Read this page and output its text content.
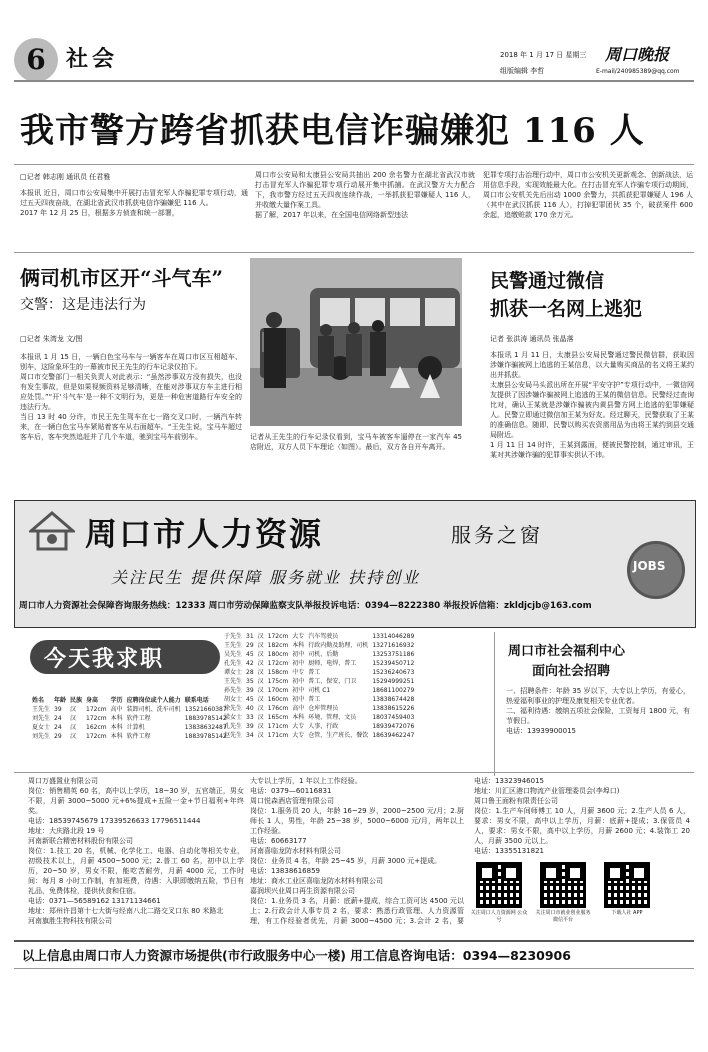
6 社会	2018 年 1 月 17 日 星期三 周口晚报
组版编辑 李哲	E-mail/240985389@qq.com
我市警方跨省抓获电信诈骗嫌犯 116 人
□记者 韩志刚 通讯员 任君雅
本报讯 近日，周口市公安局集中开展打击冒充军人诈骗犯罪专项行动，通过五天四夜奋战，在湖北省武汉市抓获电信诈骗嫌犯 116 人。
2017 年 12 月 25 日，根据多方侦查和统一部署，
周口市公安局和太康县公安局共抽出 200 余名警力在湖北省武汉市就打击冒充军人诈骗犯罪专项行动展开集中抓捕。在武汉警方大力配合下，我市警方经过五天四夜连续作战，一举抓获犯罪嫌疑人 116 人，并收缴大量作案工具。
据了解，2017 年以来，在全国电信网络新型违法
犯罪专项打击治理行动中，周口市公安机关更新观念、创新战法，运用信息手段，实现效能最大化。在打击冒充军人诈骗专项行动期间，周口市公安机关先后出动 1000 余警力，共抓获犯罪嫌疑人 196 人（其中在武汉抓获 116 人），打掉犯罪团伙 35 个，破获案件 600 余起，追缴赃款 170 余万元。
俩司机市区开“斗气车”
交警：这是违法行为
□记者 朱湾龙 文/图
本报讯 1 月 15 日，一辆白色宝马车与一辆客车在周口市区互相超车、别车，这险象环生的一幕被市民王先生的行车记录仪拍下。
周口市交警部门一相关负责人对此表示：“虽然涉事双方没有损失，也没有发生事故，但是如果视频资料足够清晰，在能对涉事双方车主进行相应处罚。”“开‘斗气车’是一种不文明行为，更是一种危害道路行车安全的违法行为。
当日 13 时 40 分许，市民王先生驾车在七一路交叉口时，一辆汽车转来，在一辆白色宝马车紧贴着客车从右面超车。“王先生说，宝马车超过客车后，客车突然追赶并了几个车道，驰到宝马车前别车。	记者从王先生的行车记录仪看到，宝马车被客车逼停在一家汽车 45 店附近，双方人员下车理论（如图）。最后，双方各自开车离开。
民警通过微信
抓获一名网上逃犯
记者 张洪涛 通讯员 张晶落
本报讯 1 月 11 日，太康县公安局民警通过警民微信群，获取因涉嫌诈骗被网上追逃的王某信息，以大量购买商品的名义将王某约出并抓获。
太康县公安局马头派出所在开展“平安守护”专项行动中，一微信网友提供了因涉嫌诈骗被网上追逃的王某的微信信息。民警经过查询比对，确认王某就是涉嫌诈骗被内黄县警方网上追逃的犯罪嫌疑人。民警立即通过微信加王某为好友。经过聊天，民警获取了王某的准确信息。随即，民警以购买农资需用品为由将王某约到县交通局附近。
1 月 11 日 14 时许，王某到露面，便被民警控制，通过审讯，王某对其涉嫌诈骗的犯罪事实供认不讳。
周口市人力资源	服务之窗
关注民生 提供保障 服务就业 扶持创业
JOBS
周口市人力资源社会保障咨询服务热线：12333 周口市劳动保障监察支队举报投诉电话：0394—8222380 举报投诉信箱：zkldjcjb@163.com
今天我求职
姓名	年龄	民族	身高	学历	应聘岗位或个人能力	联系电话
王先生	39	汉	172cm	高中	装卸司机、洗车司机	13521660387
刘先生	24	汉	172cm	本科	软件工程	18839785142
夏女士	24	汉	162cm	本科	计算机	13838632487
刘先生	29	汉	172cm	本科	软件工程	18839785142
于先生	31	汉	172cm	大专	汽车驾驶员	13314046289
王先生	29	汉	182cm	本科	行政内勤及助理、司机	13271616932
吴先生	45	汉	180cm	初中	司机、后勤	13253751186
孔先生	42	汉	172cm	初中	厨师、电焊、普工	15239450712
谭女士	28	汉	158cm	中专	普工	15236240673
王先生	35	汉	175cm	初中	普工、保安、门卫	15294999251
孙先生	39	汉	170cm	初中	司机 C1	18681100279
胡女士	45	汉	160cm	初中	普工	13838674428
徐先生	40	汉	176cm	高中	仓库管理员	13838615226
梁女士	33	汉	165cm	本科	环境、管理、文员	18037459403
孔先生	39	汉	171cm	大专	人事、行政	18939472076
赵先生	34	汉	171cm	大专	仓管、生产班长、餐饮	18639462247
周口市社会福利中心
面向社会招聘
一、招聘条件：年龄 35 岁以下，大专以上学历，有爱心，热爱福利事业的护理及康复相关专业优者。
二、福利待遇：缴纳五项社会保险，工资每月 1800 元，有节假日。
电话：13939900015
周口万盛置业有限公司
岗位：销售精英 60 名，高中以上学历，18~30 岁，五官端正，男女不限，月薪 3000~5000 元+6%提成+五险一金+节日福利+年终奖。
电话：18539745679 17339526633 17796511444
地址：大庆路北段 19 号
河南新联合精密材料股份有限公司
岗位：1.技工 20 名，机械、化学化工、电器、自动化等相关专业，初级技术以上，月薪 4500~5000 元；2.普工 60 名，初中以上学历，20~50 岁，男女不限，能吃苦耐劳，月薪 4000 元，工作时间：每月 8 小时工作制，有加班费，待遇：入职即缴纳五险，节日有礼品，免费体检，提供伙食和住宿。
电话：0371—56589162 13171134661
地址：郑州许昌第十七大街与经南八北二路交叉口东 80 米路北
河南旗胜生物科技有限公司

大专以上学历，1 年以上工作经验。
电话：0379—60116831
周口悦森酒店管理有限公司
岗位：1.服务员 20 人，年龄 16~29 岁，2000~2500 元/月；2.厨师长 1 人，男性，年龄 25~38 岁，5000~6000 元/月，两年以上工作经验。
电话：60663177
河南喜临龙防水材料有限公司
岗位：业务员 4 名，年龄 25~45 岁，月薪 3000 元+提成。
电话：13838616859
地址：商水工业区喜临龙防水材料有限公司
嘉润坝兴业周口再生资源有限公司
岗位：1.业务员 3 名，月薪：底薪+提成，综合工资可达 4500 元以上；2.行政会计人事专员 2 名，要求：熟悉行政管理、人力资源管理，有工作经验者优先，月薪 3000~4500 元；3.会计 2 名，要
电话：13323946015
地址：川汇区港口物流产业管理委员会(李埠口)
周口鲁王面粉有限责任公司
岗位：1.生产车间师傅工 10 人，月薪 3600 元；2.生产人员 6 人，要求：男女不限，高中以上学历，月薪：底薪+提成；3.保管员 4 人，要求：男女不限，高中以上学历，月薪 2600 元；4.装饰工 20 人，月薪 3500 元以上。
电话：13355131821

关注周口人力资源网 公众号
关注周口市就业创业服务 微信平台
下载人社 APP
以上信息由周口市人力资源市场提供(市行政服务中心一楼) 用工信息咨询电话：0394—8230906
